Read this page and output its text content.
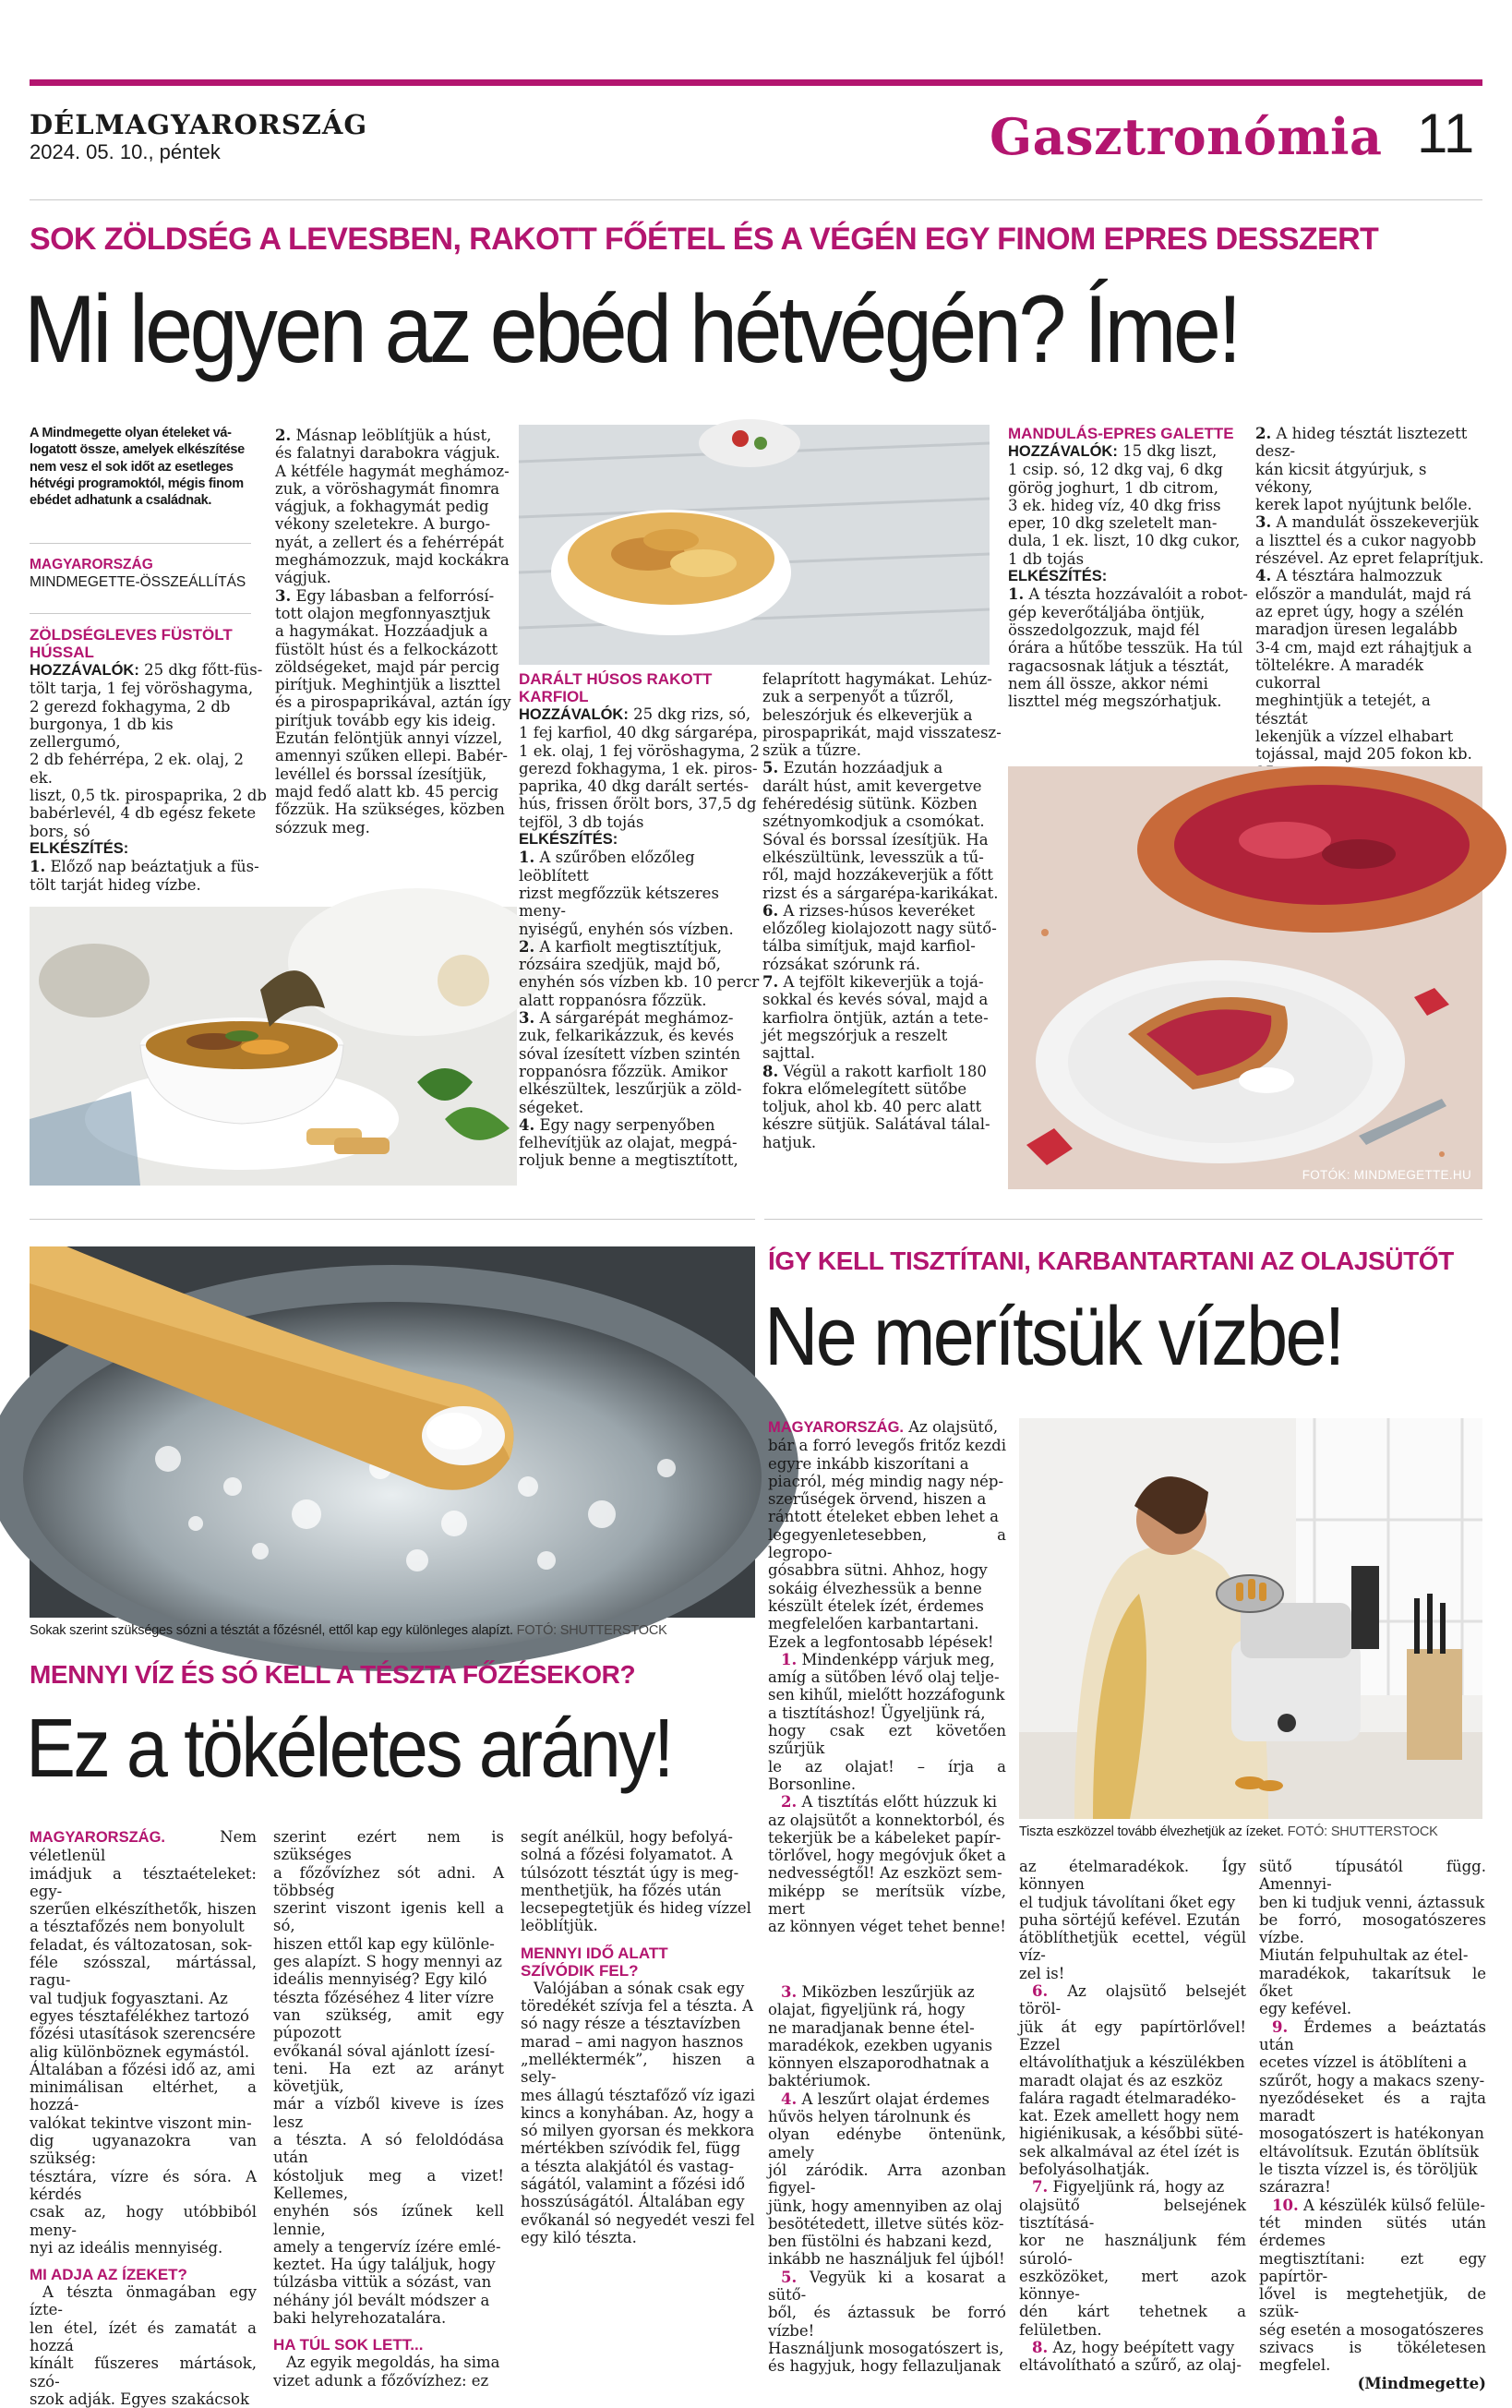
DÉLMAGYARORSZÁG
2024. 05. 10., péntek	Gasztronómia 11
SOK ZÖLDSÉG A LEVESBEN, RAKOTT FŐÉTEL ÉS A VÉGÉN EGY FINOM EPRES DESSZERT
Mi legyen az ebéd hétvégén? Íme!
A Mindmegette olyan ételeket vá-
logatott össze, amelyek elkészítése
nem vesz el sok időt az esetleges
hétvégi programoktól, mégis finom
ebédet adhatunk a családnak.
MAGYARORSZÁG
MINDMEGETTE-ÖSSZEÁLLÍTÁS
ZÖLDSÉGLEVES FÜSTÖLT
HÚSSAL

HOZZÁVALÓK: 25 dkg főtt-füs-

tölt tarja, 1 fej vöröshagyma,

2 gerezd fokhagyma, 2 db

burgonya, 1 db kis zellergumó,

2 db fehérrépa, 2 ek. olaj, 2 ek.

liszt, 0,5 tk. pirospaprika, 2 db

babérlevél, 4 db egész fekete

bors, só

ELKÉSZÍTÉS:

1. Előző nap beáztatjuk a füs-

tölt tarját hideg vízbe.

2. Másnap leöblítjük a húst,

és falatnyi darabokra vágjuk.

A kétféle hagymát meghámoz-

zuk, a vöröshagymát finomra

vágjuk, a fokhagymát pedig

vékony szeletekre. A burgo-

nyát, a zellert és a fehérrépát

meghámozzuk, majd kockákra

vágjuk.

3. Egy lábasban a felforrósí-

tott olajon megfonnyasztjuk

a hagymákat. Hozzáadjuk a

füstölt húst és a felkockázott

zöldségeket, majd pár percig

pirítjuk. Meghintjük a liszttel

és a pirospaprikával, aztán így

pirítjuk tovább egy kis ideig.

Ezután felöntjük annyi vízzel,

amennyi szűken ellepi. Babér-

levéllel és borssal ízesítjük,

majd fedő alatt kb. 45 percig

főzzük. Ha szükséges, közben

sózzuk meg.

DARÁLT HÚSOS RAKOTT
KARFIOL

HOZZÁVALÓK: 25 dkg rizs, só,

1 fej karfiol, 40 dkg sárgarépa,

1 ek. olaj, 1 fej vöröshagyma, 2

gerezd fokhagyma, 1 ek. piros-

paprika, 40 dkg darált sertés-

hús, frissen őrölt bors, 37,5 dg

tejföl, 3 db tojás

ELKÉSZÍTÉS:

1. A szűrőben előzőleg leöblített

rizst megfőzzük kétszeres meny-

nyiségű, enyhén sós vízben.

2. A karfiolt megtisztítjuk,

rózsáira szedjük, majd bő,

enyhén sós vízben kb. 10 percr

alatt roppanósra főzzük.

3. A sárgarépát meghámoz-

zuk, felkarikázzuk, és kevés

sóval ízesített vízben szintén

roppanósra főzzük. Amikor

elkészültek, leszűrjük a zöld-

ségeket.

4. Egy nagy serpenyőben

felhevítjük az olajat, megpá-

roljuk benne a megtisztított,

felaprított hagymákat. Lehúz-

zuk a serpenyőt a tűzről,

beleszórjuk és elkeverjük a

pirospaprikát, majd visszatesz-

szük a tűzre.

5. Ezután hozzáadjuk a

darált húst, amit kevergetve

fehéredésig sütünk. Közben

szétnyomkodjuk a csomókat.

Sóval és borssal ízesítjük. Ha

elkészültünk, levesszük a tű-

ről, majd hozzákeverjük a főtt

rizst és a sárgarépa-karikákat.

6. A rizses-húsos keveréket

előzőleg kiolajozott nagy sütő-

tálba simítjuk, majd karfiol-

rózsákat szórunk rá.

7. A tejfölt kikeverjük a tojá-

sokkal és kevés sóval, majd a

karfiolra öntjük, aztán a tete-

jét megszórjuk a reszelt sajttal.

8. Végül a rakott karfiolt 180

fokra előmelegített sütőbe

toljuk, ahol kb. 40 perc alatt

készre sütjük. Salátával tálal-

hatjuk.

MANDULÁS-EPRES GALETTE

HOZZÁVALÓK: 15 dkg liszt,

1 csip. só, 12 dkg vaj, 6 dkg

görög joghurt, 1 db citrom,

3 ek. hideg víz, 40 dkg friss

eper, 10 dkg szeletelt man-

dula, 1 ek. liszt, 10 dkg cukor,

1 db tojás

ELKÉSZÍTÉS:

1. A tészta hozzávalóit a robot-

gép keverőtáljába öntjük,

összedolgozzuk, majd fél

órára a hűtőbe tesszük. Ha túl

ragacsosnak látjuk a tésztát,

nem áll össze, akkor némi

liszttel még megszórhatjuk.

2. A hideg tésztát lisztezett desz-

kán kicsit átgyúrjuk, s vékony,

kerek lapot nyújtunk belőle.

3. A mandulát összekeverjük

a liszttel és a cukor nagyobb

részével. Az epret felaprítjuk.

4. A tésztára halmozzuk

először a mandulát, majd rá

az epret úgy, hogy a szélén

maradjon üresen legalább

3-4 cm, majd ezt ráhajtjuk a

töltelékre. A maradék cukorral

meghintjük a tetejét, a tésztát

lekenjük a vízzel elhabart

tojással, majd 205 fokon kb.

FOTÓK: MINDMEGETTE.HU
Sokak szerint szükséges sózni a tésztát a főzésnél, ettől kap egy különleges alapízt. FOTÓ: SHUTTERSTOCK
MENNYI VÍZ ÉS SÓ KELL A TÉSZTA FŐZÉSEKOR?
Ez a tökéletes arány!

MAGYARORSZÁG. Nem véletlenül

imádjuk a tésztaételeket: egy-

szerűen elkészíthetők, hiszen

a tésztafőzés nem bonyolult

feladat, és változatosan, sok-

féle szósszal, mártással, ragu-

val tudjuk fogyasztani. Az

egyes tésztafélékhez tartozó

főzési utasítások szerencsére

alig különböznek egymástól.

Általában a főzési idő az, ami

minimálisan eltérhet, a hozzá-

valókat tekintve viszont min-

dig ugyanazokra van szükség:

tésztára, vízre és sóra. A kérdés

csak az, hogy utóbbiból meny-

nyi az ideális mennyiség.

MI ADJA AZ ÍZEKET?

A tészta önmagában egy ízte-

len étel, ízét és zamatát a hozzá

kínált fűszeres mártások, szó-

szok adják. Egyes szakácsok

szerint ezért nem is szükséges

a főzővízhez sót adni. A többség

szerint viszont igenis kell a só,

hiszen ettől kap egy különle-

ges alapízt. S hogy mennyi az

ideális mennyiség? Egy kiló

tészta főzéséhez 4 liter vízre

van szükség, amit egy púpozott

evőkanál sóval ajánlott ízesí-

teni. Ha ezt az arányt követjük,

már a vízből kiveve is ízes lesz

a tészta. A só feloldódása után

kóstoljuk meg a vizet! Kellemes,

enyhén sós ízűnek kell lennie,

amely a tengervíz ízére emlé-

keztet. Ha úgy találjuk, hogy

túlzásba vittük a sózást, van

néhány jól bevált módszer a

baki helyrehozatalára.

HA TÚL SOK LETT...

Az egyik megoldás, ha sima

vizet adunk a főzővízhez: ez

segít anélkül, hogy befolyá-

solná a főzési folyamatot. A

túlsózott tésztát úgy is meg-

menthetjük, ha főzés után

lecsepegtetjük és hideg vízzel

leöblítjük.

MENNYI IDŐ ALATT
SZÍVÓDIK FEL?

Valójában a sónak csak egy

töredékét szívja fel a tészta. A

só nagy része a tésztavízben

marad – ami nagyon hasznos

„melléktermék”, hiszen a sely-

mes állagú tésztafőző víz igazi

kincs a konyhában. Az, hogy a

só milyen gyorsan és mekkora

mértékben szívódik fel, függ

a tészta alakjától és vastag-

ságától, valamint a főzési idő

hosszúságától. Általában egy

evőkanál só negyedét veszi fel

egy kiló tészta.

ÍGY KELL TISZTÍTANI, KARBANTARTANI AZ OLAJSÜTŐT
Ne merítsük vízbe!

MAGYARORSZÁG. Az olajsütő,

bár a forró levegős fritőz kezdi

egyre inkább kiszorítani a

piacról, még mindig nagy nép-

szerűségek örvend, hiszen a

rántott ételeket ebben lehet a

legegyenletesebben, a legropo-

gósabbra sütni. Ahhoz, hogy

sokáig élvezhessük a benne

készült ételek ízét, érdemes

megfelelően karbantartani.

Ezek a legfontosabb lépések!

1. Mindenképp várjuk meg,

amíg a sütőben lévő olaj telje-

sen kihűl, mielőtt hozzáfogunk

a tisztításhoz! Ügyeljünk rá,

hogy csak ezt követően szűrjük

le az olajat! – írja a Borsonline.

2. A tisztítás előtt húzzuk ki

az olajsütőt a konnektorból, és

tekerjük be a kábeleket papír-

törlővel, hogy megóvjuk őket a

nedvességtől! Az eszközt sem-

miképp se merítsük vízbe, mert

az könnyen véget tehet benne!

Tiszta eszközzel tovább élvezhetjük az ízeket. FOTÓ: SHUTTERSTOCK

az ételmaradékok. Így könnyen

el tudjuk távolítani őket egy

puha sörtéjű kefével. Ezután

átöblíthetjük ecettel, végül víz-

zel is!

6. Az olajsütő belsejét töröl-

jük át egy papírtörlővel! Ezzel

eltávolíthatjuk a készülékben

maradt olajat és az eszköz

falára ragadt ételmaradéko-

kat. Ezek amellett hogy nem

higiénikusak, a későbbi süté-

sek alkalmával az étel ízét is

befolyásolhatják.

7. Figyeljünk rá, hogy az

olajsütő belsejének tisztításá-

kor ne használjunk fém súroló-

eszközöket, mert azok könnye-

dén kárt tehetnek a felületben.

8. Az, hogy beépített vagy

eltávolítható a szűrő, az olaj-

3. Miközben leszűrjük az

olajat, figyeljünk rá, hogy

ne maradjanak benne étel-

maradékok, ezekben ugyanis

könnyen elszaporodhatnak a

baktériumok.

4. A leszűrt olajat érdemes

hűvös helyen tárolnunk és

olyan edénybe öntenünk, amely

jól záródik. Arra azonban figyel-

jünk, hogy amennyiben az olaj

besötétedett, illetve sütés köz-

ben füstölni és habzani kezd,

inkább ne használjuk fel újból!

5. Vegyük ki a kosarat a sütő-

ből, és áztassuk be forró vízbe!

Használjunk mosogatószert is,

és hagyjuk, hogy fellazuljanak

sütő típusától függ. Amennyi-

ben ki tudjuk venni, áztassuk

be forró, mosogatószeres vízbe.

Miután felpuhultak az étel-

maradékok, takarítsuk le őket

egy kefével.

9. Érdemes a beáztatás után

ecetes vízzel is átöblíteni a

szűrőt, hogy a makacs szeny-

nyeződéseket és a rajta maradt

mosogatószert is hatékonyan

eltávolítsuk. Ezután öblítsük

le tiszta vízzel is, és töröljük

szárazra!

10. A készülék külső felüle-

tét minden sütés után érdemes

megtisztítani: ezt egy papírtör-

lővel is megtehetjük, de szük-

ség esetén a mosogatószeres

szivacs is tökéletesen megfelel.

(Mindmegette)
